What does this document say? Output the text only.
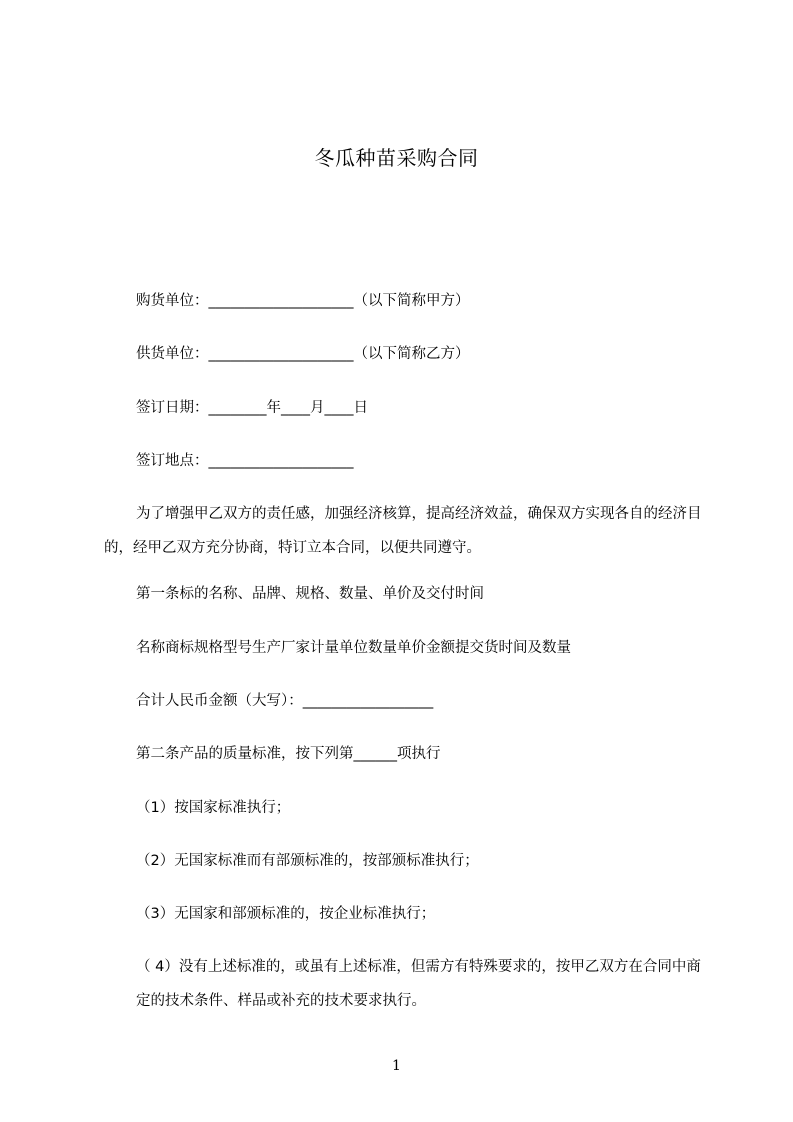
冬瓜种苗采购合同
购货单位：____________________（以下简称甲方）
供货单位：____________________（以下简称乙方）
签订日期：________年____月____日
签订地点：____________________
为了增强甲乙双方的责任感，加强经济核算，提高经济效益，确保双方实现各自的经济目的，经甲乙双方充分协商，特订立本合同，以便共同遵守。
第一条标的名称、品牌、规格、数量、单价及交付时间
名称商标规格型号生产厂家计量单位数量单价金额提交货时间及数量
合计人民币金额（大写）：__________________
第二条产品的质量标准，按下列第______项执行
（1）按国家标准执行；
（2）无国家标准而有部颁标准的，按部颁标准执行；
（3）无国家和部颁标准的，按企业标准执行；
（ 4）没有上述标准的，或虽有上述标准，但需方有特殊要求的，按甲乙双方在合同中商定的技术条件、样品或补充的技术要求执行。
1
